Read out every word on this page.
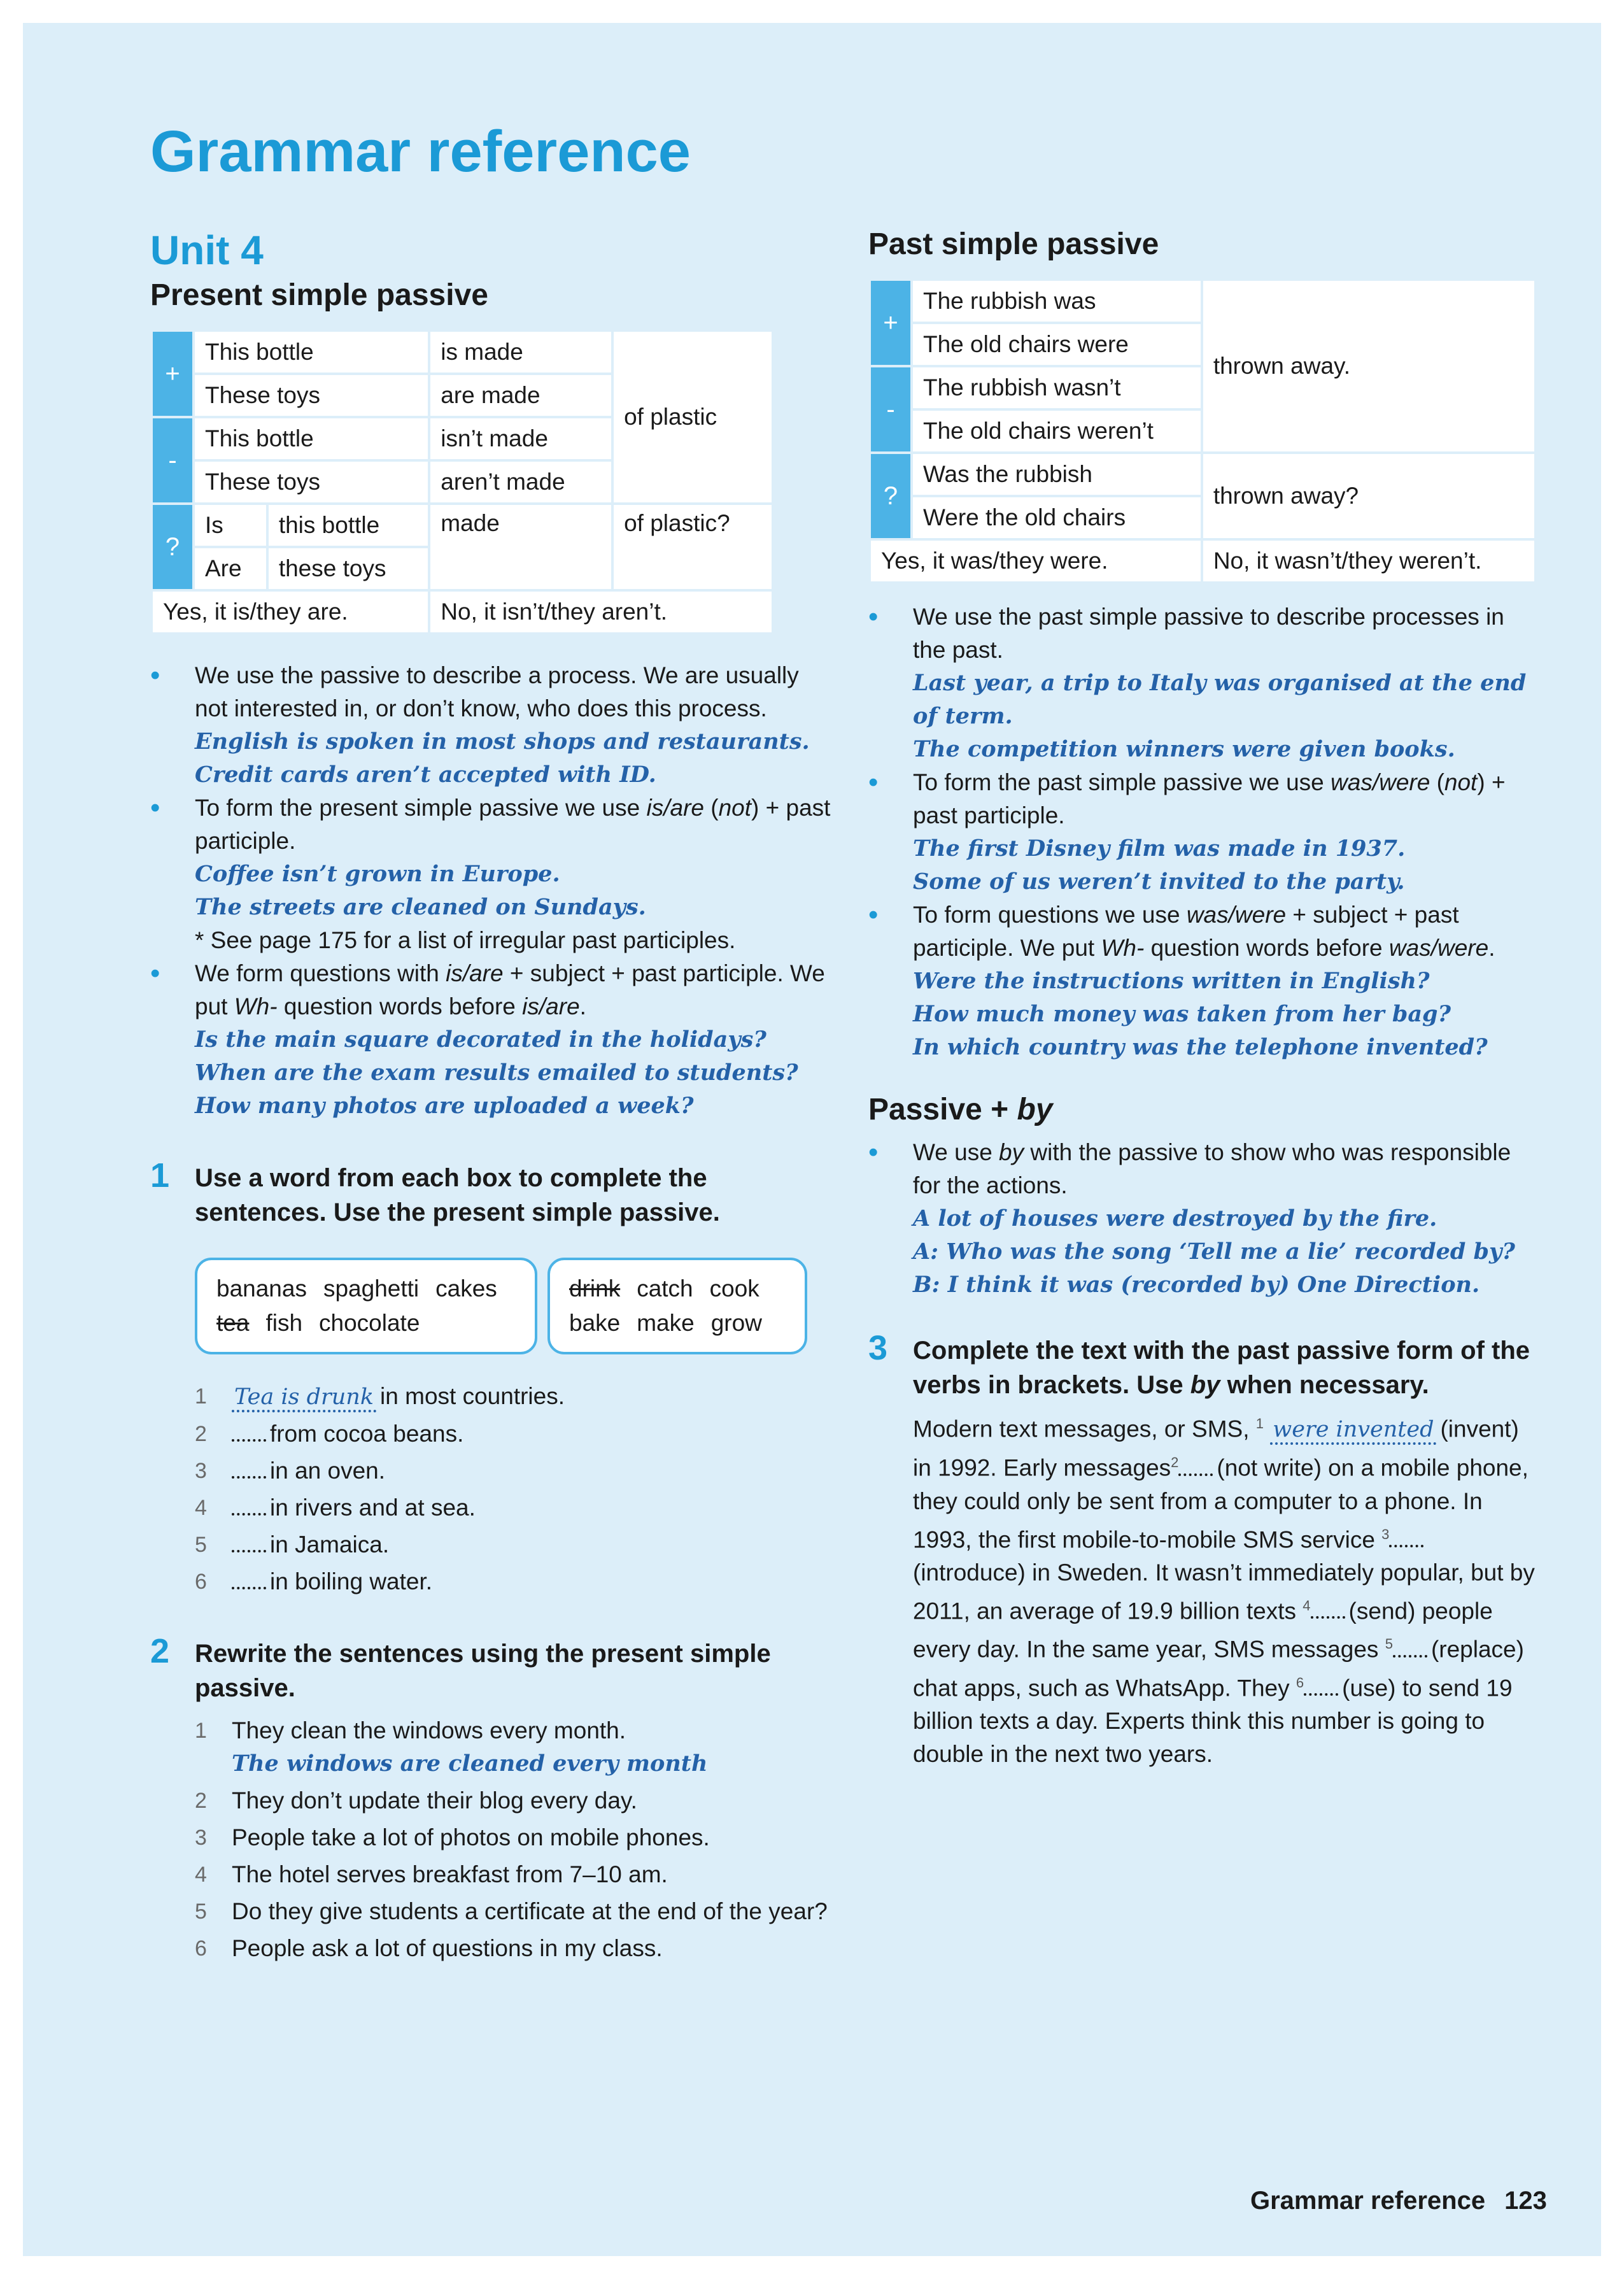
Grammar reference
Unit 4
Present simple passive
+	This bottle		is made	of plastic
	These toys		are made	
-	This bottle		isn’t made	
	These toys		aren’t made	
?	Is	this bottle	made	of plastic?
	Are	these toys		
Yes, it is/they are.			No, it isn’t/they aren’t.	
• We use the passive to describe a process. We are usually not interested in, or don’t know, who does this process.
English is spoken in most shops and restaurants.
Credit cards aren’t accepted with ID.
• To form the present simple passive we use is/are (not) + past participle.
Coffee isn’t grown in Europe.
The streets are cleaned on Sundays.
* See page 175 for a list of irregular past participles.
• We form questions with is/are + subject + past participle. We put Wh- question words before is/are.
Is the main square decorated in the holidays?
When are the exam results emailed to students?
How many photos are uploaded a week?
1 Use a word from each box to complete the sentences. Use the present simple passive.
bananas spaghetti cakes
tea fish chocolate
drink catch cook
bake make grow
1 Tea is drunk in most countries.
2	from cocoa beans.
3	in an oven.
4	in rivers and at sea.
5	in Jamaica.
6	in boiling water.
2 Rewrite the sentences using the present simple passive.
1 They clean the windows every month.
The windows are cleaned every month
2 They don’t update their blog every day.
3 People take a lot of photos on mobile phones.
4 The hotel serves breakfast from 7–10 am.
5 Do they give students a certificate at the end of the year?
6 People ask a lot of questions in my class.
Past simple passive
+	The rubbish was	thrown away.
	The old chairs were	
-	The rubbish wasn’t	
	The old chairs weren’t	
?	Was the rubbish	thrown away?
	Were the old chairs	
Yes, it was/they were.		No, it wasn’t/they weren’t.
• We use the past simple passive to describe processes in the past.
Last year, a trip to Italy was organised at the end of term.
The competition winners were given books.
• To form the past simple passive we use was/were (not) + past participle.
The first Disney film was made in 1937.
Some of us weren’t invited to the party.
• To form questions we use was/were + subject + past participle. We put Wh- question words before was/were.
Were the instructions written in English?
How much money was taken from her bag?
In which country was the telephone invented?
Passive + by
• We use by with the passive to show who was responsible for the actions.
A lot of houses were destroyed by the fire.
A: Who was the song ‘Tell me a lie’ recorded by?
B: I think it was (recorded by) One Direction.
3 Complete the text with the past passive form of the verbs in brackets. Use by when necessary.
Modern text messages, or SMS, $^1$ were invented (invent) in 1992. Early messages$^2$ (not write) on a mobile phone, they could only be sent from a computer to a phone. In 1993, the first mobile-to-mobile SMS service $^3$(introduce) in Sweden. It wasn’t immediately popular, but by 2011, an average of 19.9 billion texts $^4$ (send) people every day. In the same year, SMS messages $^5$ (replace) chat apps, such as WhatsApp. They $^6$ (use) to send 19 billion texts a day. Experts think this number is going to double in the next two years.
Grammar reference 123
